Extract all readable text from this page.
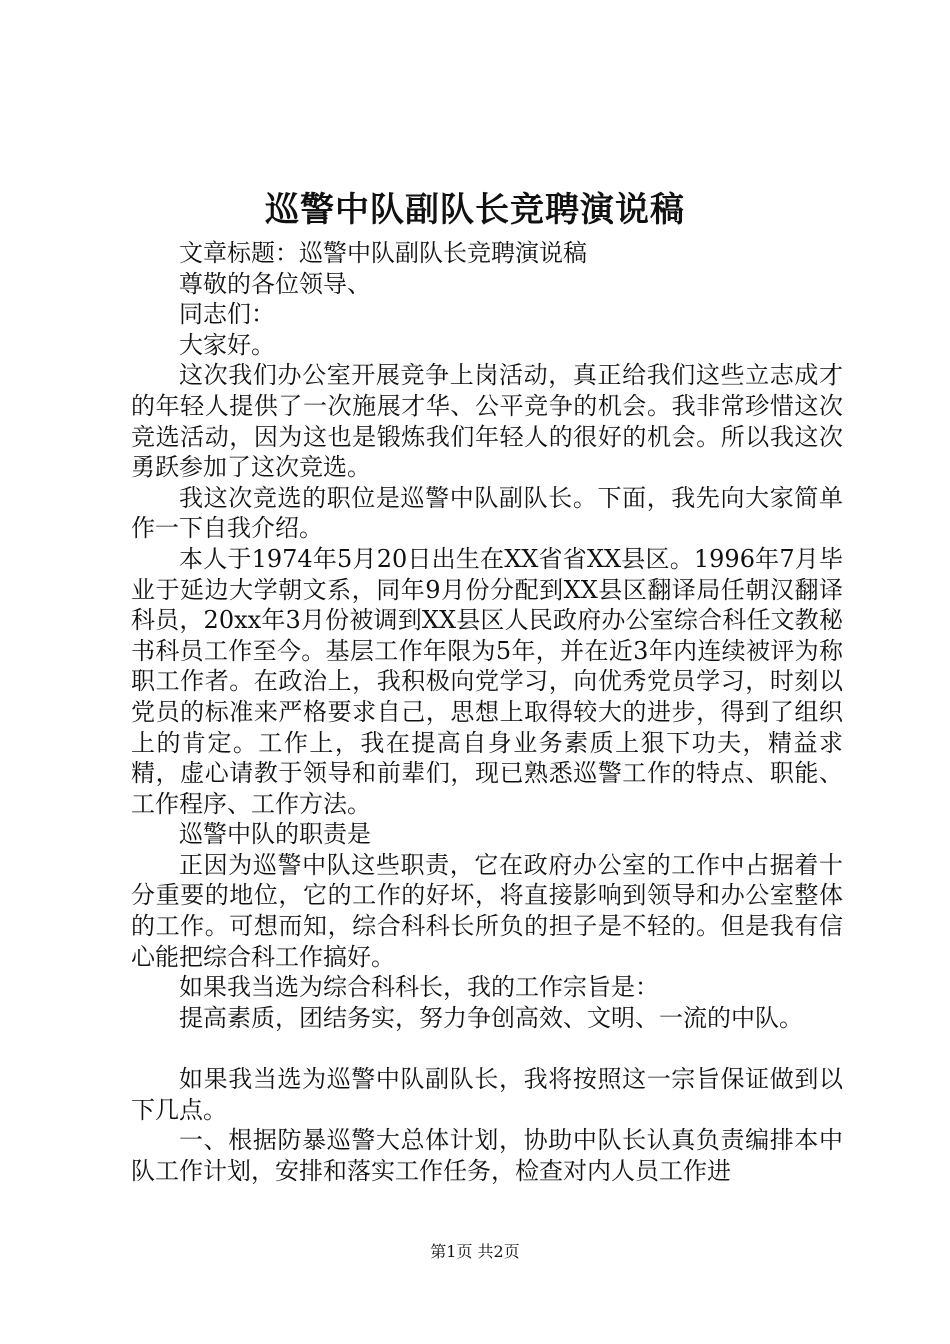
巡警中队副队长竞聘演说稿

文章标题：巡警中队副队长竞聘演说稿

尊敬的各位领导、

同志们：

大家好。

这次我们办公室开展竞争上岗活动，真正给我们这些立志成才的年轻人提供了一次施展才华、公平竞争的机会。我非常珍惜这次竞选活动，因为这也是锻炼我们年轻人的很好的机会。所以我这次勇跃参加了这次竞选。

我这次竞选的职位是巡警中队副队长。下面，我先向大家简单作一下自我介绍。

本人于1974年5月20日出生在XX省省XX县区。1996年7月毕业于延边大学朝文系，同年9月份分配到XX县区翻译局任朝汉翻译科员，20xx年3月份被调到XX县区人民政府办公室综合科任文教秘书科员工作至今。基层工作年限为5年，并在近3年内连续被评为称职工作者。在政治上，我积极向党学习，向优秀党员学习，时刻以党员的标准来严格要求自己，思想上取得较大的进步，得到了组织上的肯定。工作上，我在提高自身业务素质上狠下功夫，精益求精，虚心请教于领导和前辈们，现已熟悉巡警工作的特点、职能、工作程序、工作方法。

巡警中队的职责是

正因为巡警中队这些职责，它在政府办公室的工作中占据着十分重要的地位，它的工作的好坏，将直接影响到领导和办公室整体的工作。可想而知，综合科科长所负的担子是不轻的。但是我有信心能把综合科工作搞好。

如果我当选为综合科科长，我的工作宗旨是：

提高素质，团结务实，努力争创高效、文明、一流的中队。

如果我当选为巡警中队副队长，我将按照这一宗旨保证做到以下几点。

一、根据防暴巡警大总体计划，协助中队长认真负责编排本中队工作计划，安排和落实工作任务，检查对内人员工作进

第1页 共2页
